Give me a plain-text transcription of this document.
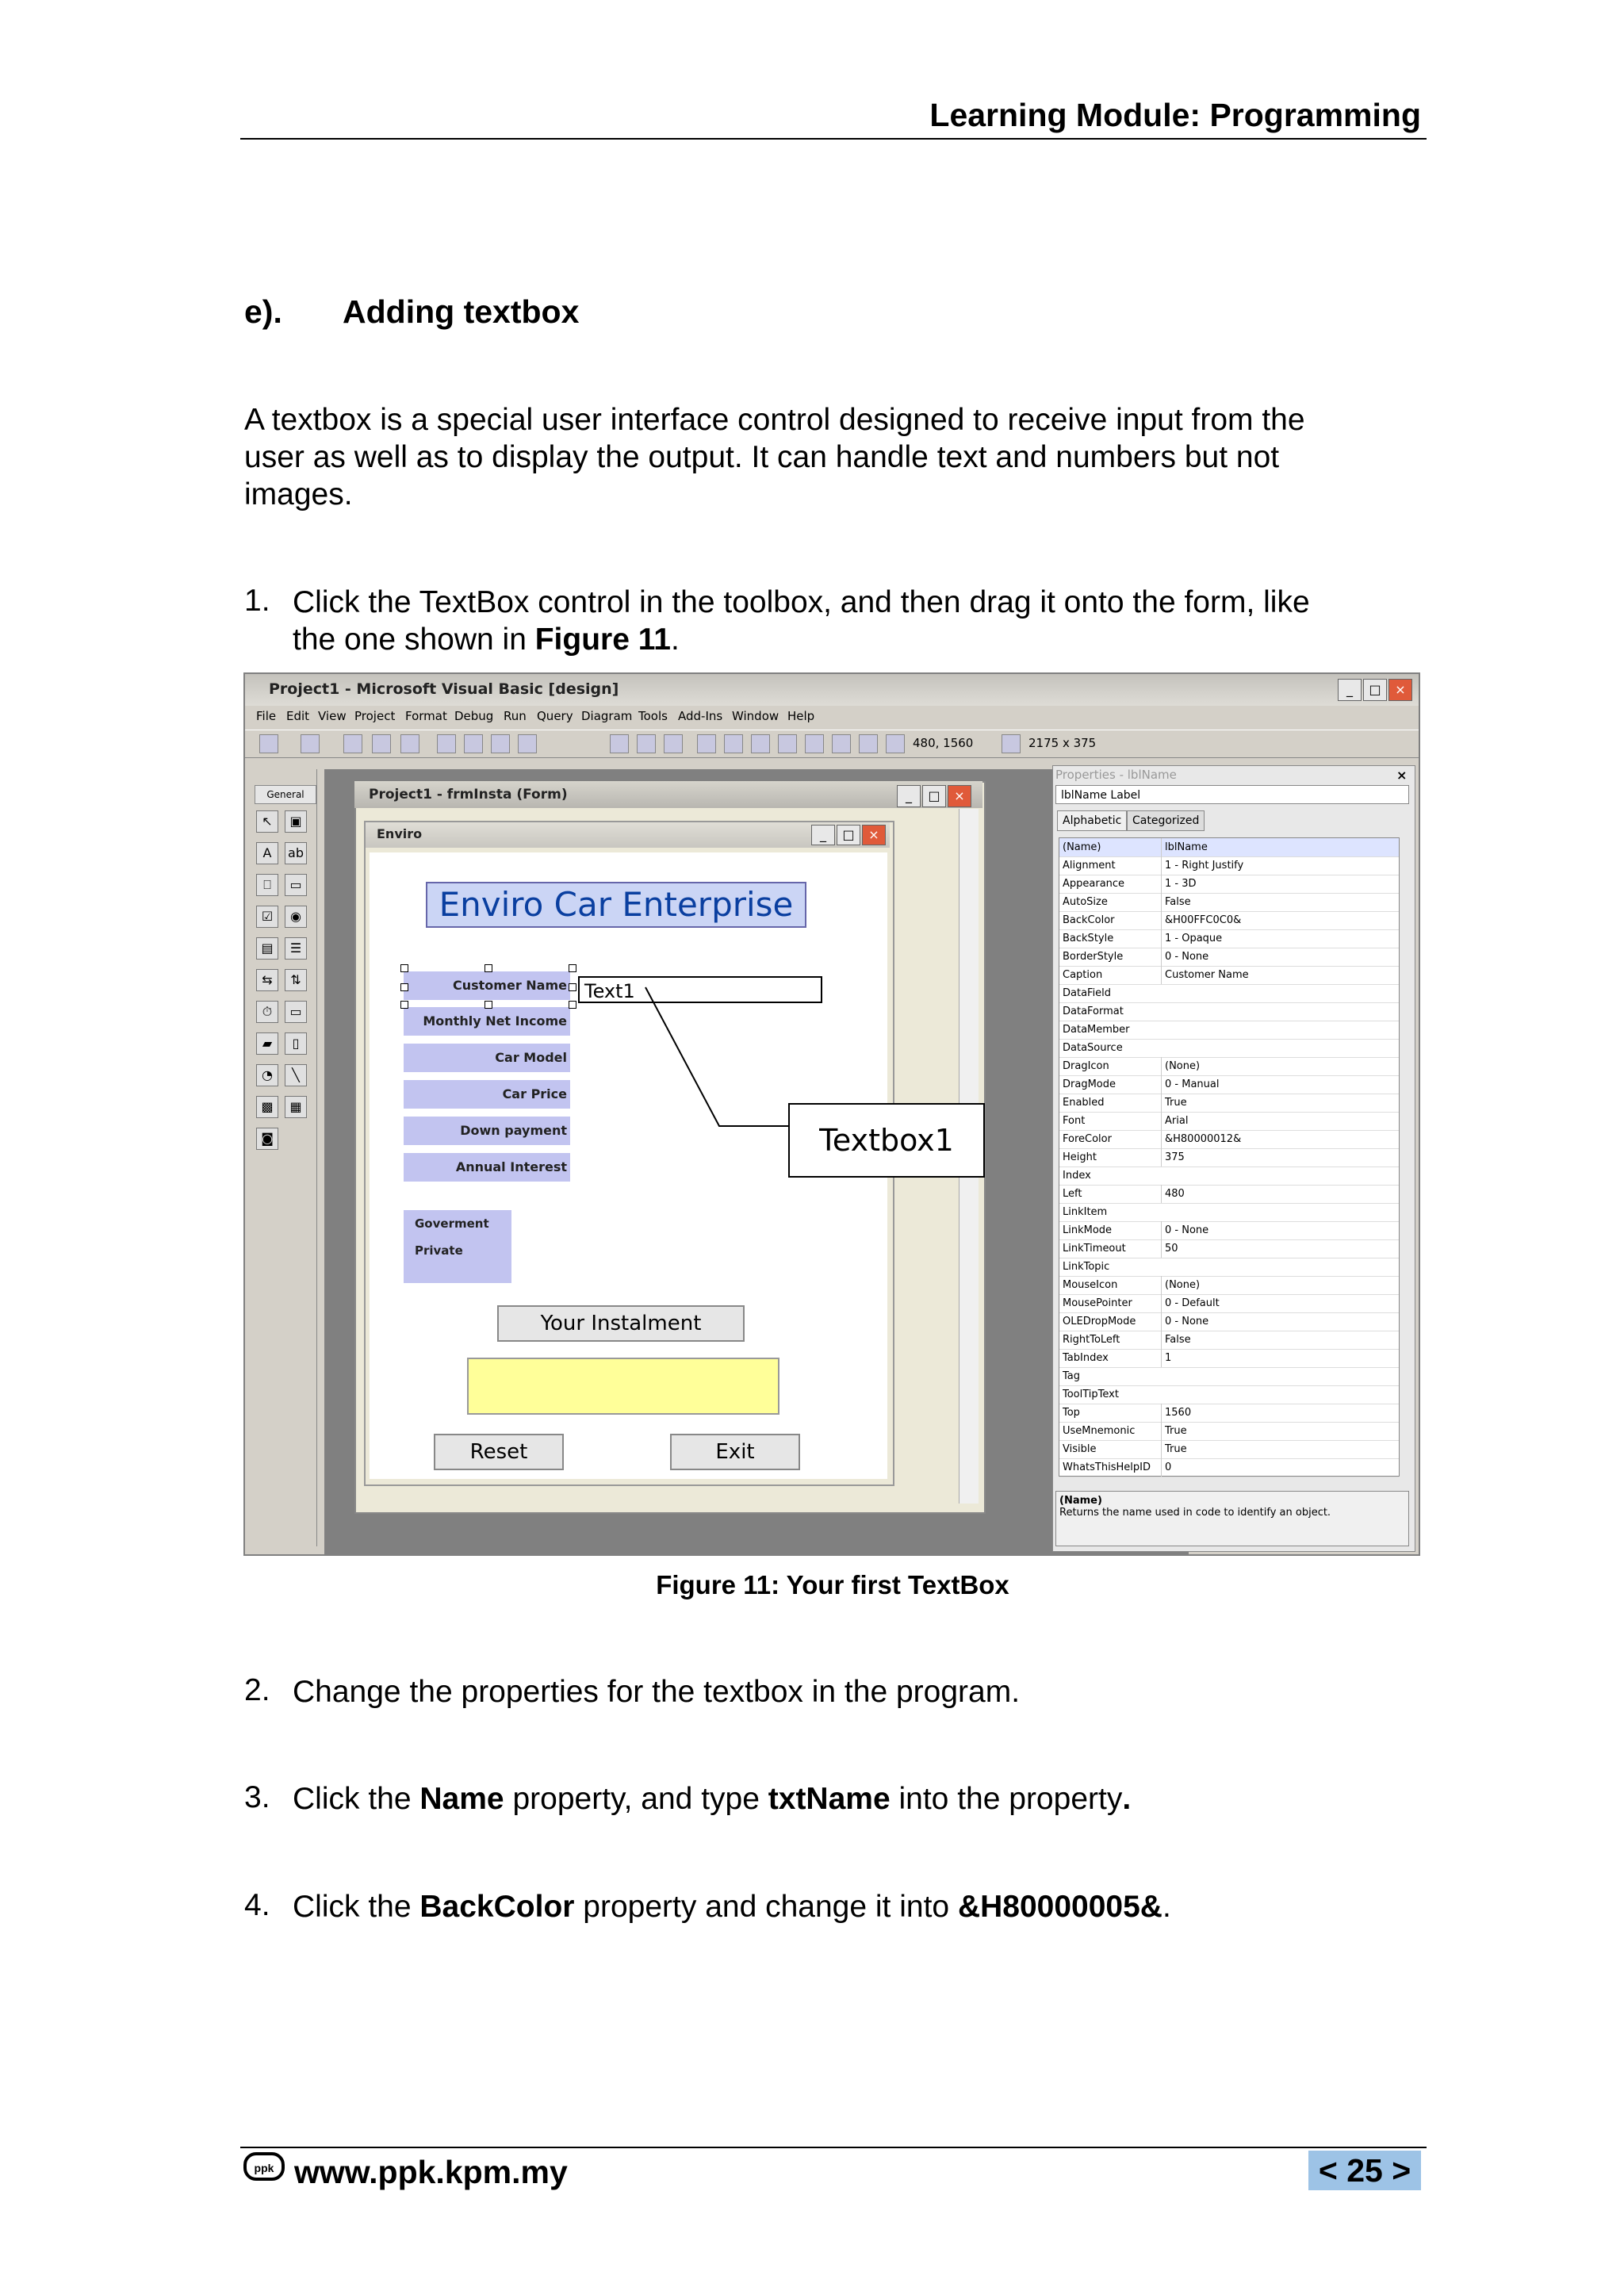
Learning Module: Programming
e). Adding textbox
A textbox is a special user interface control designed to receive input from the
user as well as to display the output. It can handle text and numbers but not
images.
1. Click the TextBox control in the toolbox, and then drag it onto the form, like
the one shown in Figure 11.
Project1 - Microsoft Visual Basic [design]	_	□	×
File Edit View Project Format Debug Run Query Diagram Tools Add-Ins Window Help
480, 1560	2175 x 375
General
↖	▣
A	ab
⎕	▭
☑	◉
▤	☰
⇆	⇅
⏱	▭
▰	▯
◔	╲
▩	▦
◙
Project1 - frmInsta (Form)	_	□	×
Enviro	_	□	×
Enviro Car Enterprise
Customer Name
Monthly Net Income
Car Model
Car Price
Down payment
Annual Interest
Goverment
Private
Text1
Textbox1
Your Instalment
Reset	Exit
Properties - lblName	×
lblName Label
Alphabetic Categorized
(Name)	lblName
Alignment	1 - Right Justify
Appearance	1 - 3D
AutoSize	False
BackColor	&H00FFC0C0&
BackStyle	1 - Opaque
BorderStyle	0 - None
Caption	Customer Name
DataField
DataFormat
DataMember
DataSource
DragIcon	(None)
DragMode	0 - Manual
Enabled	True
Font	Arial
ForeColor	&H80000012&
Height	375
Index
Left	480
LinkItem
LinkMode	0 - None
LinkTimeout	50
LinkTopic
MouseIcon	(None)
MousePointer	0 - Default
OLEDropMode	0 - None
RightToLeft	False
TabIndex	1
Tag
ToolTipText
Top	1560
UseMnemonic	True
Visible	True
WhatsThisHelpID	0
(Name)
Returns the name used in code to identify an object.
Figure 11: Your first TextBox
2. Change the properties for the textbox in the program.
3. Click the Name property, and type txtName into the property.
4. Click the BackColor property and change it into &H80000005&.
ppk www.ppk.kpm.my	< 25 >
